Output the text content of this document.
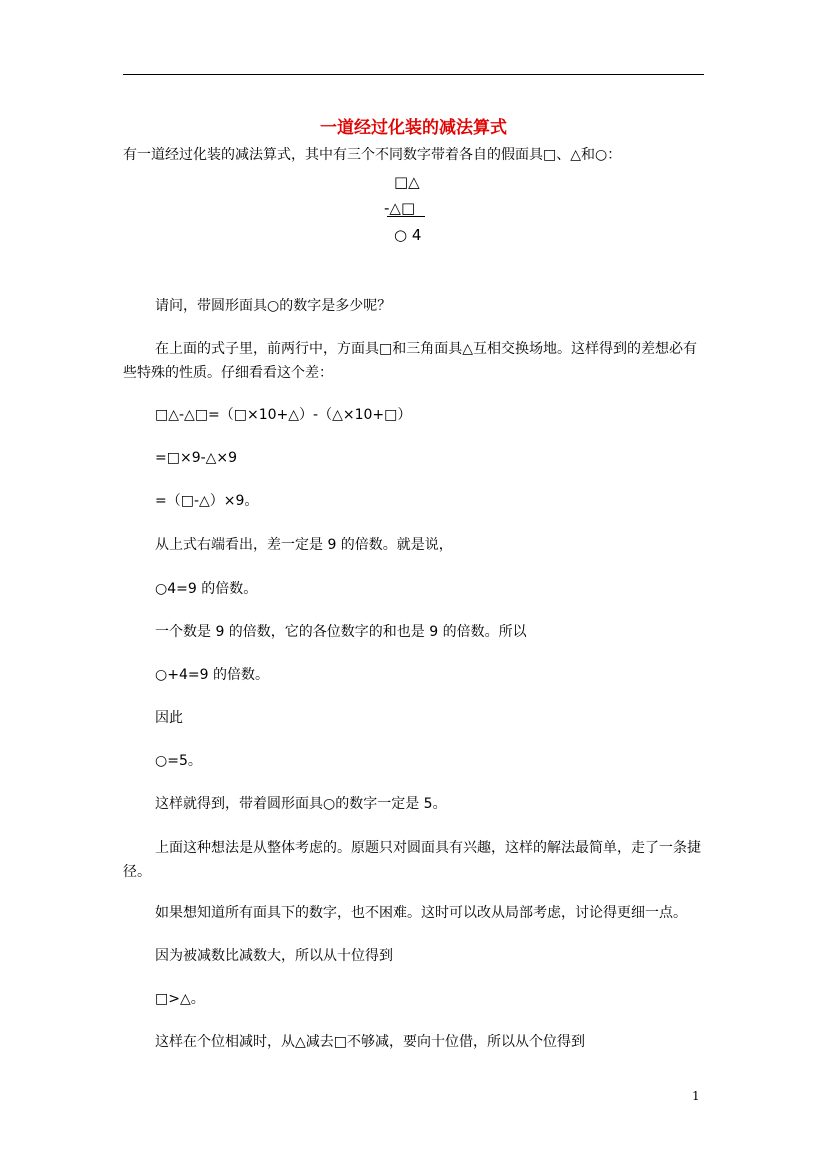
一道经过化装的减法算式
有一道经过化装的减法算式，其中有三个不同数字带着各自的假面具□、△和○：
□△
-△□
○ 4
请问，带圆形面具○的数字是多少呢？
在上面的式子里，前两行中，方面具□和三角面具△互相交换场地。这样得到的差想必有些特殊的性质。仔细看看这个差：
□△-△□=（□×10+△）-（△×10+□）
=□×9-△×9
=（□-△）×9。
从上式右端看出，差一定是 9 的倍数。就是说，
○4=9 的倍数。
一个数是 9 的倍数，它的各位数字的和也是 9 的倍数。所以
○+4=9 的倍数。
因此
○=5。
这样就得到，带着圆形面具○的数字一定是 5。
上面这种想法是从整体考虑的。原题只对圆面具有兴趣，这样的解法最简单，走了一条捷径。
如果想知道所有面具下的数字，也不困难。这时可以改从局部考虑，讨论得更细一点。
因为被减数比减数大，所以从十位得到
□>△。
这样在个位相减时，从△减去□不够减，要向十位借，所以从个位得到
1
